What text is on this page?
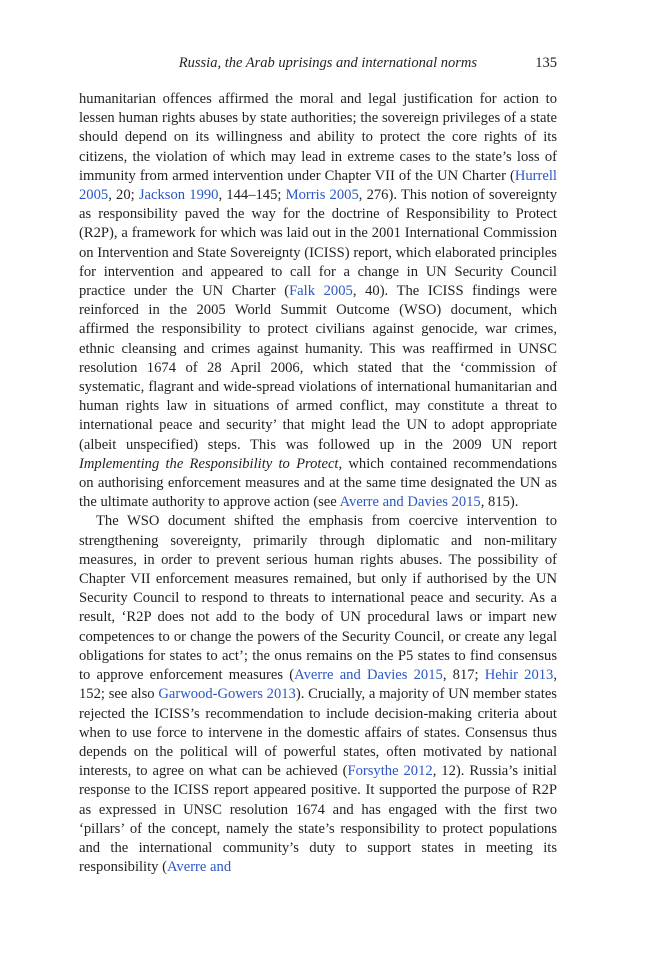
Russia, the Arab uprisings and international norms	135

humanitarian offences affirmed the moral and legal justification for action to lessen human rights abuses by state authorities; the sovereign privileges of a state should depend on its willingness and ability to protect the core rights of its citizens, the violation of which may lead in extreme cases to the state’s loss of immunity from armed intervention under Chapter VII of the UN Charter (Hurrell 2005, 20; Jackson 1990, 144–145; Morris 2005, 276). This notion of sovereignty as responsibility paved the way for the doctrine of Responsibility to Protect (R2P), a framework for which was laid out in the 2001 International Commission on Intervention and State Sovereignty (ICISS) report, which elaborated principles for intervention and appeared to call for a change in UN Security Council practice under the UN Charter (Falk 2005, 40). The ICISS findings were reinforced in the 2005 World Summit Outcome (WSO) document, which affirmed the responsibility to protect civilians against genocide, war crimes, ethnic cleansing and crimes against humanity. This was reaffirmed in UNSC resolution 1674 of 28 April 2006, which stated that the ‘commission of systematic, flagrant and wide-spread violations of international humanitarian and human rights law in situations of armed conflict, may constitute a threat to international peace and security’ that might lead the UN to adopt appropriate (albeit unspecified) steps. This was followed up in the 2009 UN report Implementing the Responsibility to Protect, which contained recommendations on authorising enforcement measures and at the same time designated the UN as the ultimate authority to approve action (see Averre and Davies 2015, 815).

The WSO document shifted the emphasis from coercive intervention to strengthening sovereignty, primarily through diplomatic and non-military measures, in order to prevent serious human rights abuses. The possibility of Chapter VII enforcement measures remained, but only if authorised by the UN Security Council to respond to threats to international peace and security. As a result, ‘R2P does not add to the body of UN procedural laws or impart new competences to or change the powers of the Security Council, or create any legal obligations for states to act’; the onus remains on the P5 states to find consensus to approve enforcement measures (Averre and Davies 2015, 817; Hehir 2013, 152; see also Garwood-Gowers 2013). Crucially, a majority of UN member states rejected the ICISS’s recommendation to include decision-making criteria about when to use force to intervene in the domestic affairs of states. Consensus thus depends on the political will of powerful states, often motivated by national interests, to agree on what can be achieved (Forsythe 2012, 12). Russia’s initial response to the ICISS report appeared positive. It supported the purpose of R2P as expressed in UNSC resolution 1674 and has engaged with the first two ‘pillars’ of the concept, namely the state’s responsibility to protect populations and the international community’s duty to support states in meeting its responsibility (Averre and
